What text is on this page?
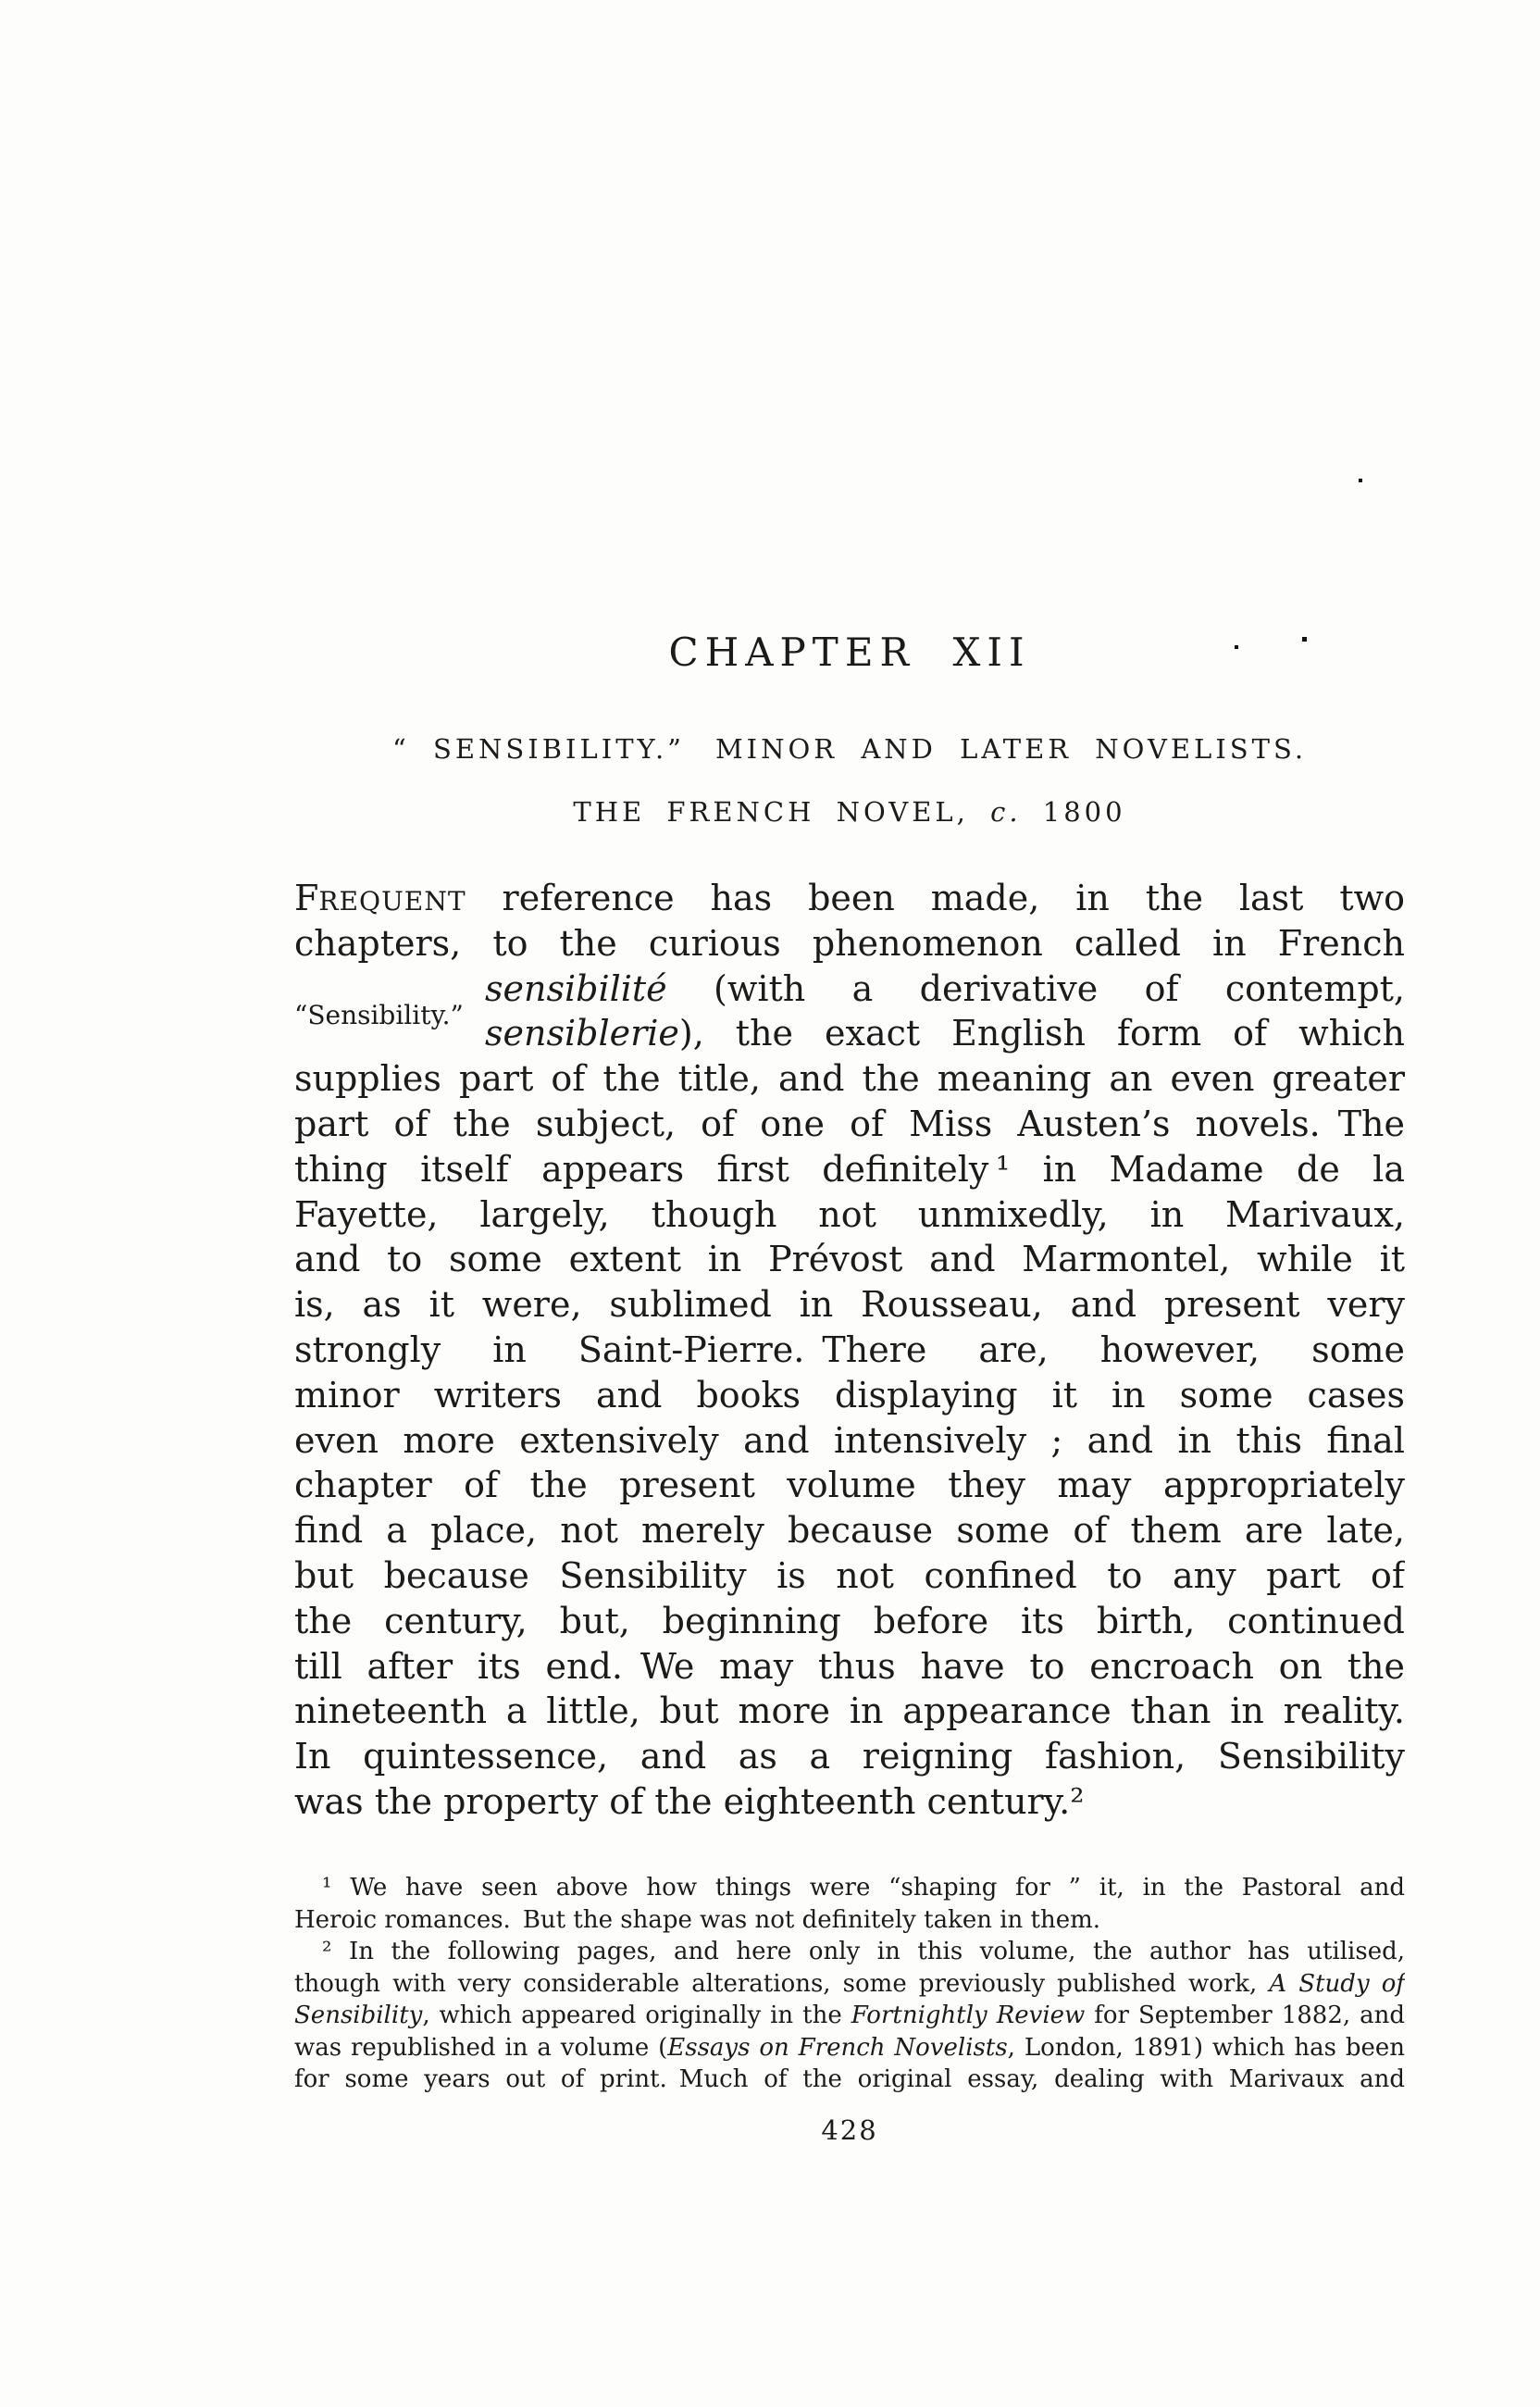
CHAPTER XII
“ SENSIBILITY.” MINOR AND LATER NOVELISTS.
THE FRENCH NOVEL, c. 1800
“Sensibility.”
FREQUENT reference has been made, in the last two
chapters, to the curious phenomenon called in French
sensibilité (with a derivative of contempt,
sensiblerie), the exact English form of which
supplies part of the title, and the meaning an even greater
part of the subject, of one of Miss Austen’s novels. The
thing itself appears first definitely ¹ in Madame de la
Fayette, largely, though not unmixedly, in Marivaux,
and to some extent in Prévost and Marmontel, while it
is, as it were, sublimed in Rousseau, and present very
strongly in Saint-Pierre. There are, however, some
minor writers and books displaying it in some cases
even more extensively and intensively ; and in this final
chapter of the present volume they may appropriately
find a place, not merely because some of them are late,
but because Sensibility is not confined to any part of
the century, but, beginning before its birth, continued
till after its end. We may thus have to encroach on the
nineteenth a little, but more in appearance than in reality.
In quintessence, and as a reigning fashion, Sensibility
was the property of the eighteenth century.²
¹ We have seen above how things were “shaping for ” it, in the Pastoral and
Heroic romances. But the shape was not definitely taken in them.
² In the following pages, and here only in this volume, the author has utilised,
though with very considerable alterations, some previously published work, A Study of
Sensibility, which appeared originally in the Fortnightly Review for September 1882, and
was republished in a volume (Essays on French Novelists, London, 1891) which has been
for some years out of print. Much of the original essay, dealing with Marivaux and
428
